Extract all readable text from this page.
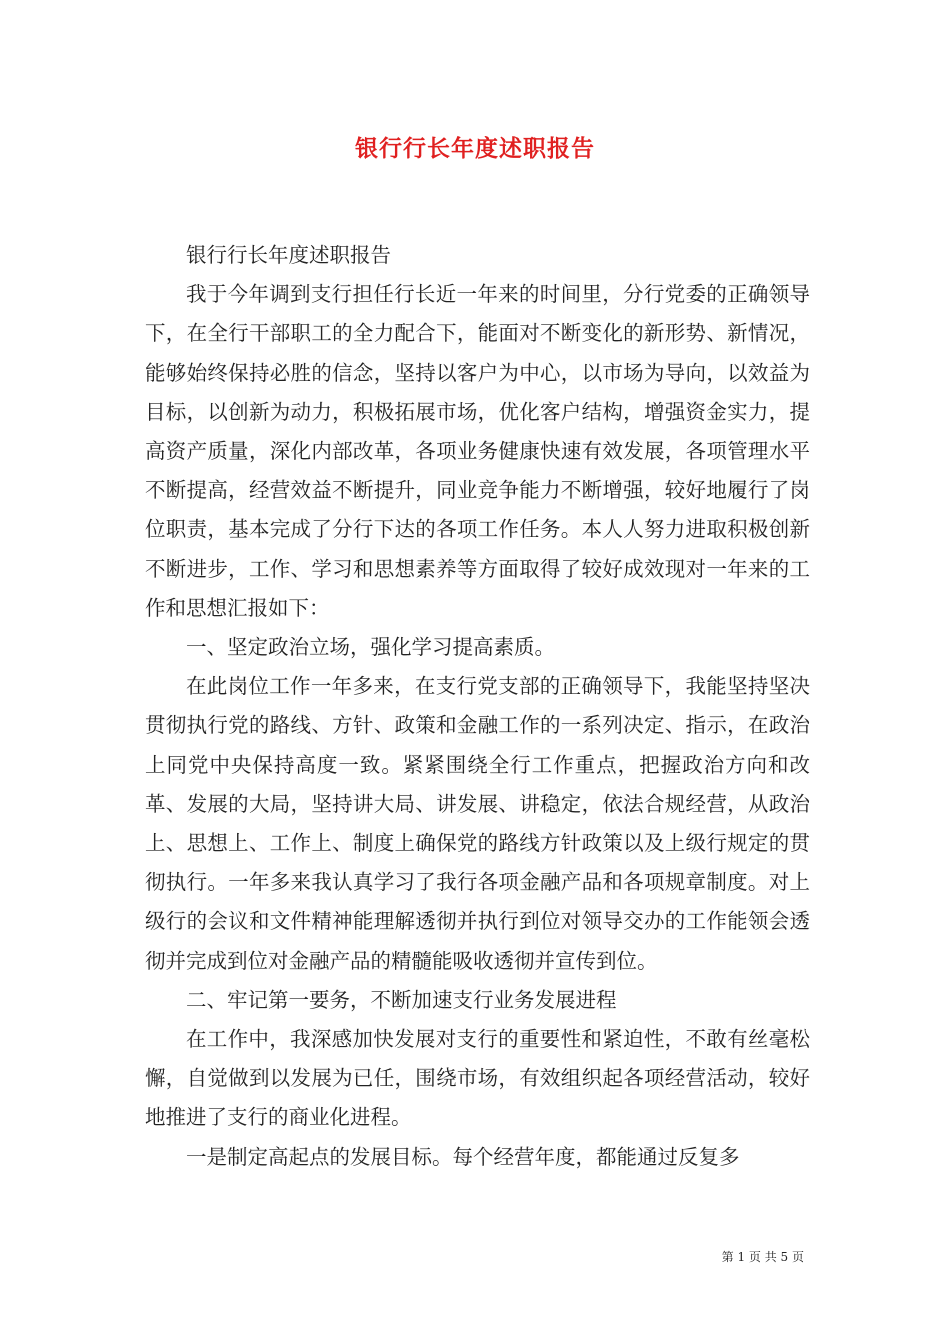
银行行长年度述职报告

银行行长年度述职报告

我于今年调到支行担任行长近一年来的时间里，分行党委的正确领导下，在全行干部职工的全力配合下，能面对不断变化的新形势、新情况，能够始终保持必胜的信念，坚持以客户为中心，以市场为导向，以效益为目标，以创新为动力，积极拓展市场，优化客户结构，增强资金实力，提高资产质量，深化内部改革，各项业务健康快速有效发展，各项管理水平不断提高，经营效益不断提升，同业竞争能力不断增强，较好地履行了岗位职责，基本完成了分行下达的各项工作任务。本人人努力进取积极创新不断进步，工作、学习和思想素养等方面取得了较好成效现对一年来的工作和思想汇报如下：

一、坚定政治立场，强化学习提高素质。

在此岗位工作一年多来，在支行党支部的正确领导下，我能坚持坚决贯彻执行党的路线、方针、政策和金融工作的一系列决定、指示，在政治上同党中央保持高度一致。紧紧围绕全行工作重点，把握政治方向和改革、发展的大局，坚持讲大局、讲发展、讲稳定，依法合规经营，从政治上、思想上、工作上、制度上确保党的路线方针政策以及上级行规定的贯彻执行。一年多来我认真学习了我行各项金融产品和各项规章制度。对上级行的会议和文件精神能理解透彻并执行到位对领导交办的工作能领会透彻并完成到位对金融产品的精髓能吸收透彻并宣传到位。

二、牢记第一要务，不断加速支行业务发展进程

在工作中，我深感加快发展对支行的重要性和紧迫性，不敢有丝毫松懈，自觉做到以发展为已任，围绕市场，有效组织起各项经营活动，较好地推进了支行的商业化进程。

一是制定高起点的发展目标。每个经营年度，都能通过反复多

第 1 页 共 5 页
